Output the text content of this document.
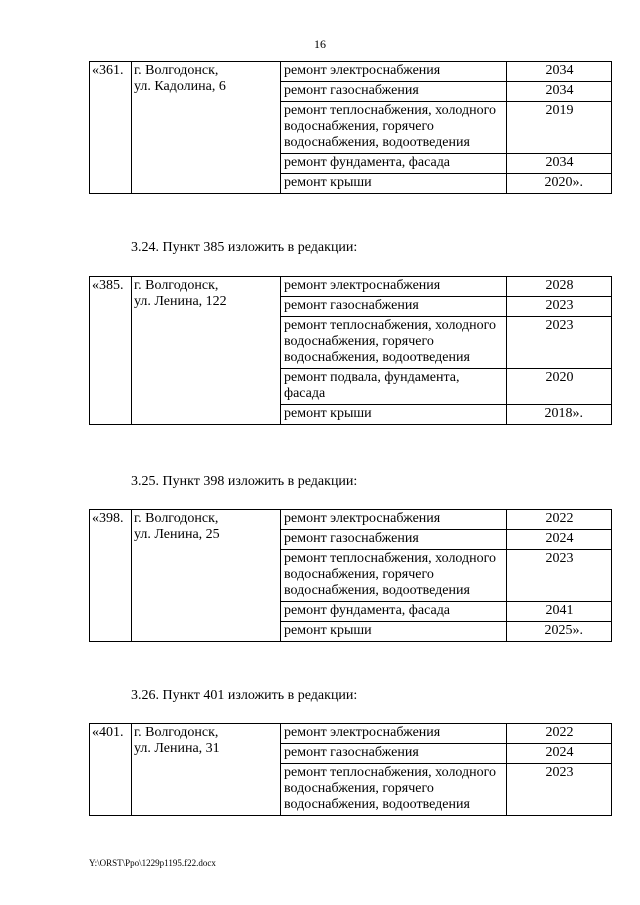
16
«361.	г. Волгодонск,
ул. Кадолина, 6	ремонт электроснабжения	2034
		ремонт газоснабжения	2034
		ремонт теплоснабжения, холодного водоснабжения, горячего водоснабжения, водоотведения	2019
		ремонт фундамента, фасада	2034
		ремонт крыши	2020».
3.24. Пункт 385 изложить в редакции:
«385.	г. Волгодонск,
ул. Ленина, 122	ремонт электроснабжения	2028
		ремонт газоснабжения	2023
		ремонт теплоснабжения, холодного водоснабжения, горячего водоснабжения, водоотведения	2023
		ремонт подвала, фундамента, фасада	2020
		ремонт крыши	2018».
3.25. Пункт 398 изложить в редакции:
«398.	г. Волгодонск,
ул. Ленина, 25	ремонт электроснабжения	2022
		ремонт газоснабжения	2024
		ремонт теплоснабжения, холодного водоснабжения, горячего водоснабжения, водоотведения	2023
		ремонт фундамента, фасада	2041
		ремонт крыши	2025».
3.26. Пункт 401 изложить в редакции:
«401.	г. Волгодонск,
ул. Ленина, 31	ремонт электроснабжения	2022
		ремонт газоснабжения	2024
		ремонт теплоснабжения, холодного водоснабжения, горячего водоснабжения, водоотведения	2023
Y:\ORST\Ppo\1229p1195.f22.docx
